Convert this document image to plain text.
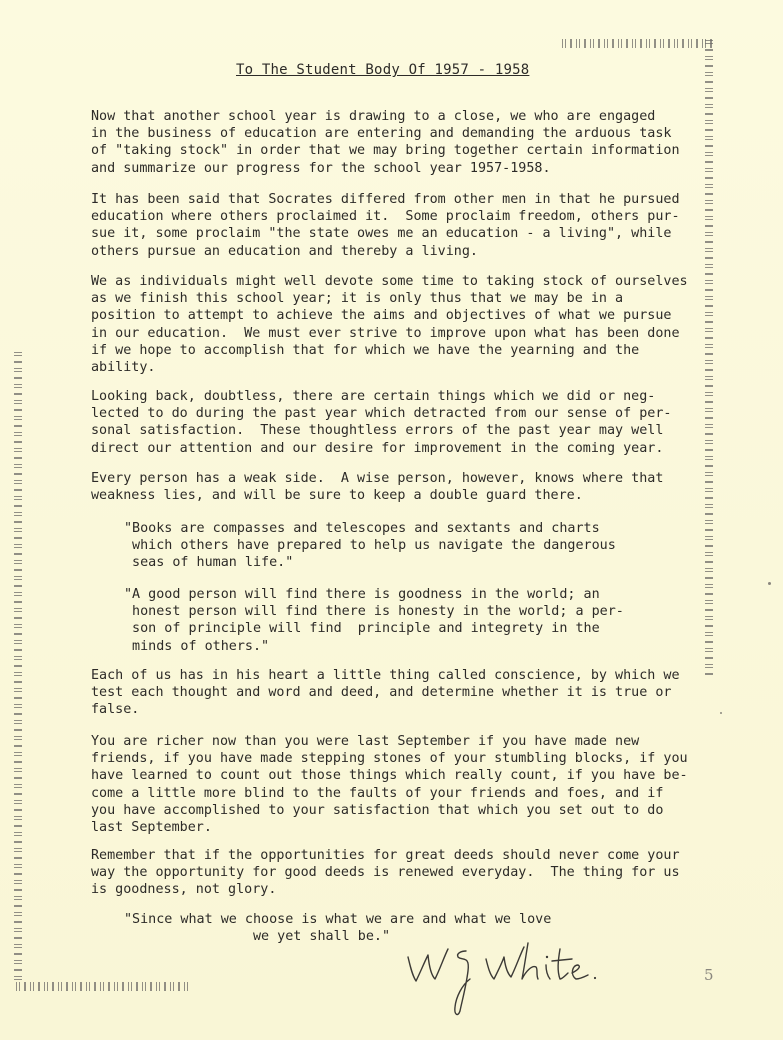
To The Student Body Of 1957 - 1958

Now that another school year is drawing to a close, we who are engaged
in the business of education are entering and demanding the arduous task
of "taking stock" in order that we may bring together certain information
and summarize our progress for the school year 1957-1958.

It has been said that Socrates differed from other men in that he pursued
education where others proclaimed it.  Some proclaim freedom, others pur-
sue it, some proclaim "the state owes me an education - a living", while
others pursue an education and thereby a living.

We as individuals might well devote some time to taking stock of ourselves
as we finish this school year; it is only thus that we may be in a
position to attempt to achieve the aims and objectives of what we pursue
in our education.  We must ever strive to improve upon what has been done
if we hope to accomplish that for which we have the yearning and the
ability.

Looking back, doubtless, there are certain things which we did or neg-
lected to do during the past year which detracted from our sense of per-
sonal satisfaction.  These thoughtless errors of the past year may well
direct our attention and our desire for improvement in the coming year.

Every person has a weak side.  A wise person, however, knows where that
weakness lies, and will be sure to keep a double guard there.

"Books are compasses and telescopes and sextants and charts
which others have prepared to help us navigate the dangerous
seas of human life."

"A good person will find there is goodness in the world; an
honest person will find there is honesty in the world; a per-
son of principle will find  principle and integrety in the
minds of others."

Each of us has in his heart a little thing called conscience, by which we
test each thought and word and deed, and determine whether it is true or
false.

You are richer now than you were last September if you have made new
friends, if you have made stepping stones of your stumbling blocks, if you
have learned to count out those things which really count, if you have be-
come a little more blind to the faults of your friends and foes, and if
you have accomplished to your satisfaction that which you set out to do
last September.

Remember that if the opportunities for great deeds should never come your
way the opportunity for good deeds is renewed everyday.  The thing for us
is goodness, not glory.

"Since what we choose is what we are and what we love
we yet shall be."

5
